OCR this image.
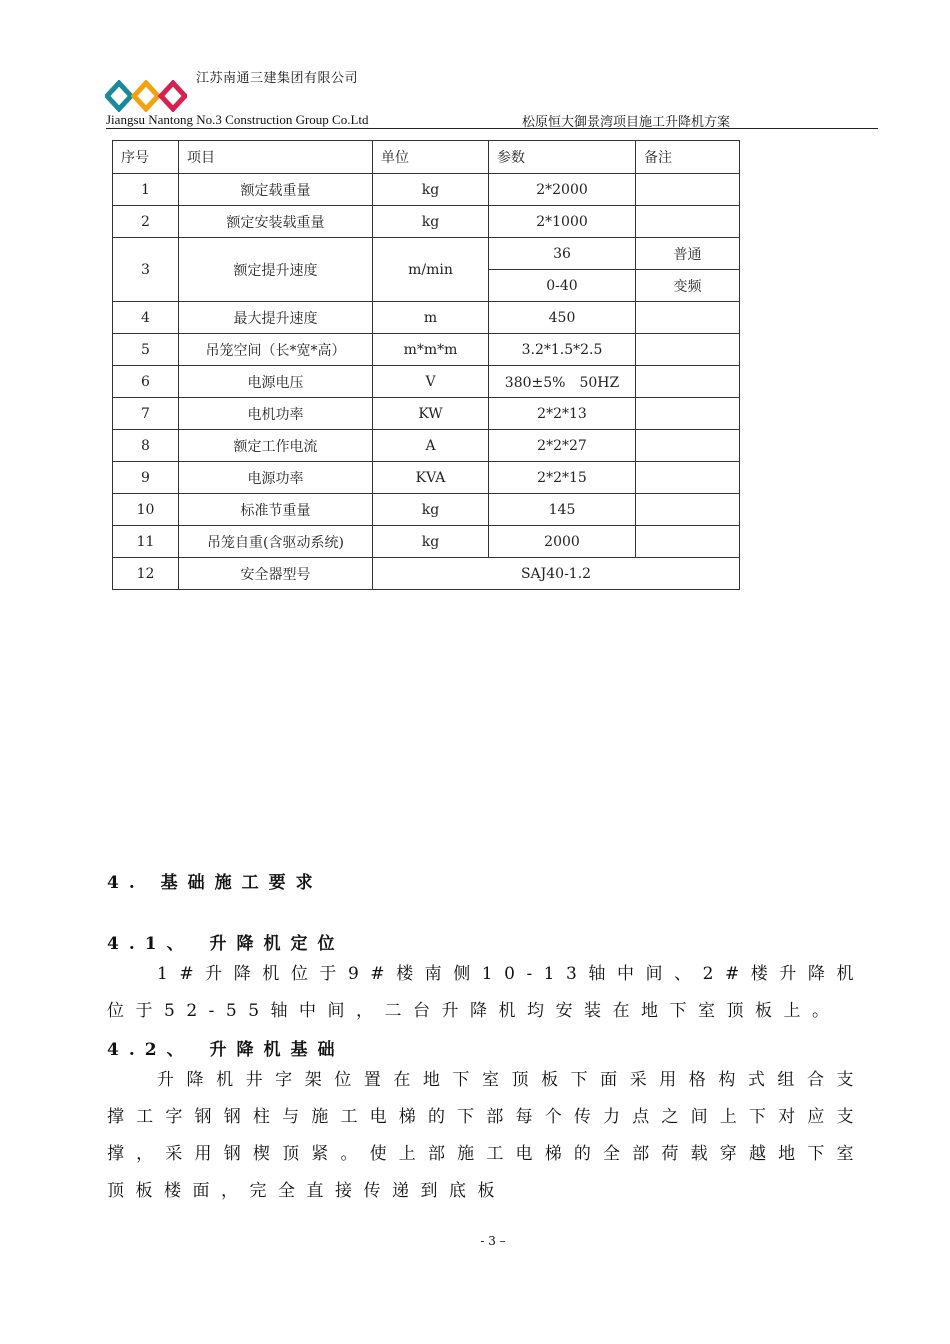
江苏南通三建集团有限公司
Jiangsu Nantong No.3 Construction Group Co.Ltd	松原恒大御景湾项目施工升降机方案
序号	项目	单位	参数	备注
1	额定载重量	kg	2*2000	
2	额定安装载重量	kg	2*1000	
3	额定提升速度	m/min	36	普通
			0-40	变频
4	最大提升速度	m	450	
5	吊笼空间（长*宽*高）	m*m*m	3.2*1.5*2.5	
6	电源电压	V	380±5%　50HZ	
7	电机功率	KW	2*2*13	
8	额定工作电流	A	2*2*27	
9	电源功率	KVA	2*2*15	
10	标准节重量	kg	145	
11	吊笼自重(含驱动系统)	kg	2000	
12	安全器型号	SAJ40-1.2		
4. 基础施工要求
4.1、 升降机定位
1#升降机位于9#楼南侧10-13轴中间、2#楼升降机位于52-55轴中间，二台升降机均安装在地下室顶板上。
4.2、 升降机基础
升降机井字架位置在地下室顶板下面采用格构式组合支撑工字钢钢柱与施工电梯的下部每个传力点之间上下对应支撑，采用钢楔顶紧。使上部施工电梯的全部荷载穿越地下室顶板楼面，完全直接传递到底板
- 3 –
